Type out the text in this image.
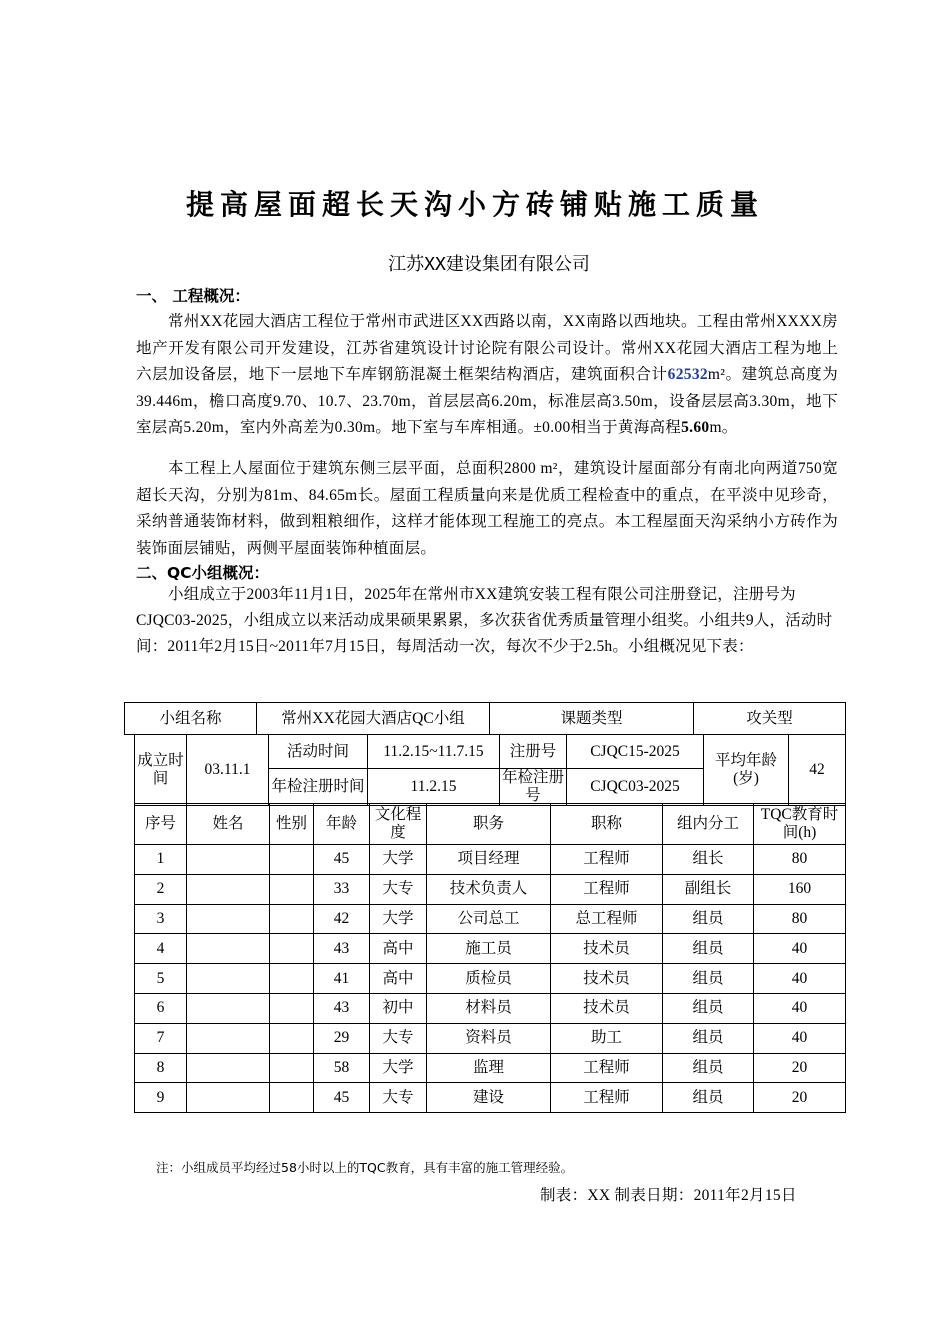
提高屋面超长天沟小方砖铺贴施工质量
江苏XX建设集团有限公司
一、 工程概况：
常州XX花园大酒店工程位于常州市武进区XX西路以南，XX南路以西地块。工程由常州XXXX房地产开发有限公司开发建设，江苏省建筑设计讨论院有限公司设计。常州XX花园大酒店工程为地上六层加设备层，地下一层地下车库钢筋混凝土框架结构酒店，建筑面积合计62532m²。建筑总高度为39.446m，檐口高度9.70、10.7、23.70m，首层层高6.20m，标准层高3.50m，设备层层高3.30m，地下室层高5.20m，室内外高差为0.30m。地下室与车库相通。±0.00相当于黄海高程5.60m。
本工程上人屋面位于建筑东侧三层平面，总面积2800 m²，建筑设计屋面部分有南北向两道750宽超长天沟，分别为81m、84.65m长。屋面工程质量向来是优质工程检查中的重点，在平淡中见珍奇，采纳普通装饰材料，做到粗粮细作，这样才能体现工程施工的亮点。本工程屋面天沟采纳小方砖作为装饰面层铺贴，两侧平屋面装饰种植面层。
二、QC小组概况：
小组成立于2003年11月1日，2025年在常州市XX建筑安装工程有限公司注册登记，注册号为CJQC03-2025，小组成立以来活动成果硕果累累，多次获省优秀质量管理小组奖。小组共9人，活动时间：2011年2月15日~2011年7月15日，每周活动一次，每次不少于2.5h。小组概况见下表：
小组名称	常州XX花园大酒店QC小组	课题类型	攻关型
成立时间	03.11.1	活动时间	11.2.15~11.7.15	注册号	CJQC15-2025	平均年龄(岁)	42
		年检注册时间	11.2.15	年检注册号	CJQC03-2025		
序号	姓名	性别	年龄	文化程度	职务	职称	组内分工	TQC教育时间(h)
1			45	大学	项目经理	工程师	组长	80
2			33	大专	技术负责人	工程师	副组长	160
3			42	大学	公司总工	总工程师	组员	80
4			43	高中	施工员	技术员	组员	40
5			41	高中	质检员	技术员	组员	40
6			43	初中	材料员	技术员	组员	40
7			29	大专	资料员	助工	组员	40
8			58	大学	监理	工程师	组员	20
9			45	大专	建设	工程师	组员	20
注：小组成员平均经过58小时以上的TQC教育，具有丰富的施工管理经验。
制表：XX 制表日期：2011年2月15日
